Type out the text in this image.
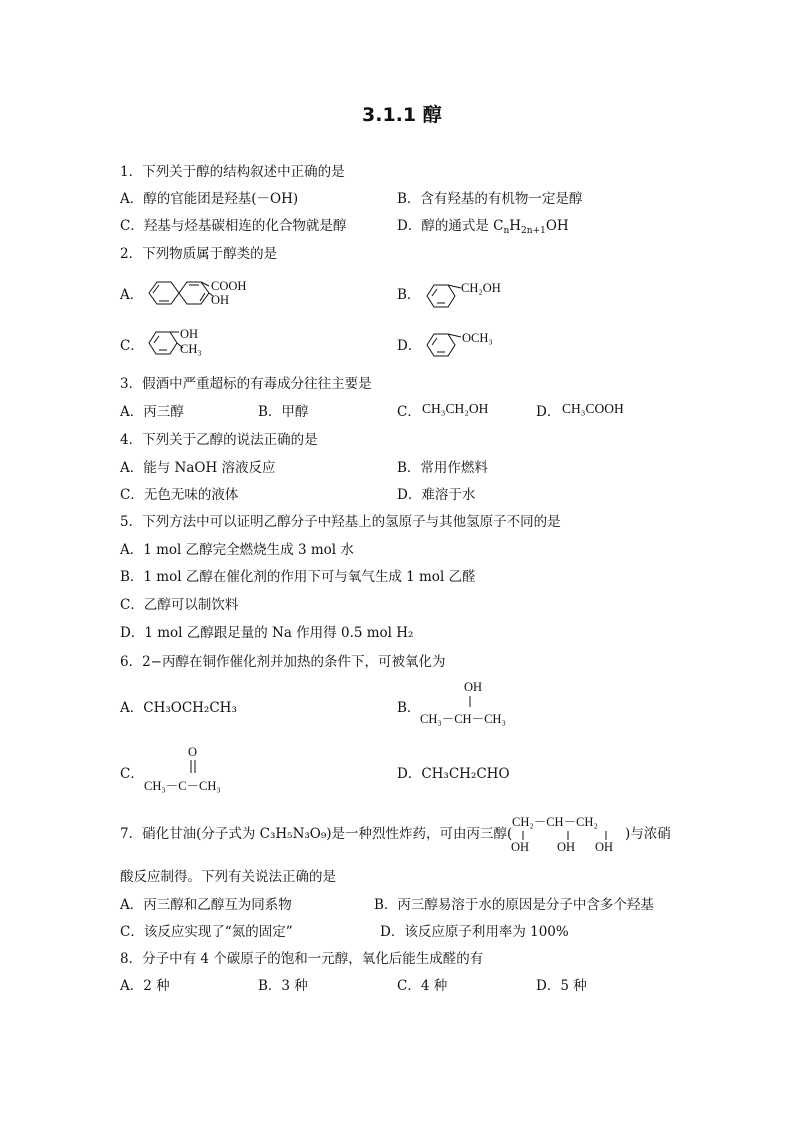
3.1.1 醇
1．下列关于醇的结构叙述中正确的是
A．醇的官能团是羟基(－OH)	B．含有羟基的有机物一定是醇
C．羟基与烃基碳相连的化合物就是醇	D．醇的通式是 $C_nH_{2n+1}OH$
2．下列物质属于醇类的是
A．
COOH
OH	B．	CH₂OH
C．
OH
CH₃	D．	OCH₃
3．假酒中严重超标的有毒成分往往主要是
A．丙三醇	B．甲醇	C． CH₃CH₂OH	D． CH₃COOH
4．下列关于乙醇的说法正确的是
A．能与 NaOH 溶液反应	B．常用作燃料
C．无色无味的液体	D．难溶于水
5．下列方法中可以证明乙醇分子中羟基上的氢原子与其他氢原子不同的是
A．1 mol 乙醇完全燃烧生成 3 mol 水
B．1 mol 乙醇在催化剂的作用下可与氧气生成 1 mol 乙醛
C．乙醇可以制饮料
D．1 mol 乙醇跟足量的 Na 作用得 0.5 mol H₂
6．2−丙醇在铜作催化剂并加热的条件下，可被氧化为
A．CH₃OCH₂CH₃	B．
OH
CH₃－CH－CH₃
C．
O
CH₃－C－CH₃
D．CH₃CH₂CHO
7．硝化甘油(分子式为 C₃H₅N₃O₉)是一种烈性炸药，可由丙三醇(
CH₂－CH－CH₂
OH OH OH
)与浓硝
酸反应制得。下列有关说法正确的是
A．丙三醇和乙醇互为同系物	B．丙三醇易溶于水的原因是分子中含多个羟基
C．该反应实现了“氮的固定”	D．该反应原子利用率为 100%
8．分子中有 4 个碳原子的饱和一元醇，氧化后能生成醛的有
A．2 种	B．3 种	C．4 种	D．5 种
